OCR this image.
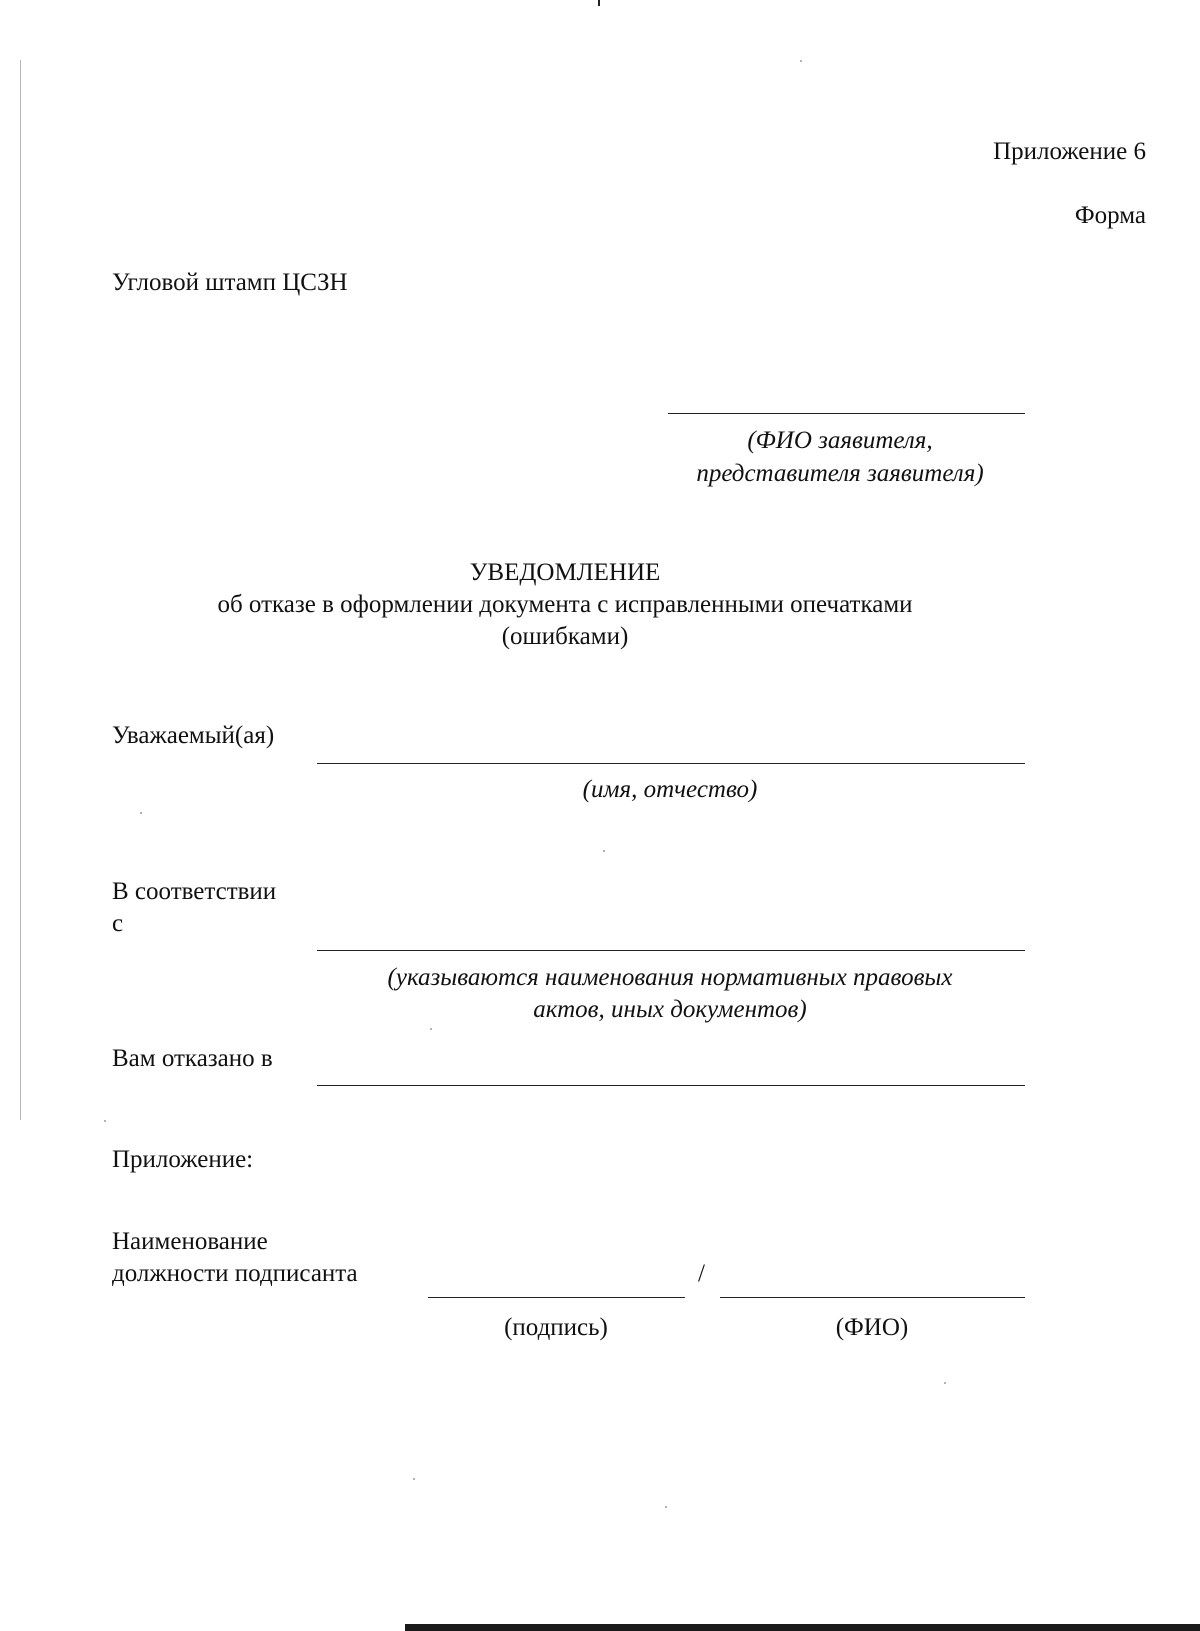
Приложение 6
Форма
Угловой штамп ЦСЗН
(ФИО заявителя,
представителя заявителя)
УВЕДОМЛЕНИЕ
об отказе в оформлении документа с исправленными опечатками
(ошибками)
Уважаемый(ая)
(имя, отчество)
В соответствии
с
(указываются наименования нормативных правовых
актов, иных документов)
Вам отказано в
Приложение:
Наименование
должности подписанта	/
(подпись)	(ФИО)
